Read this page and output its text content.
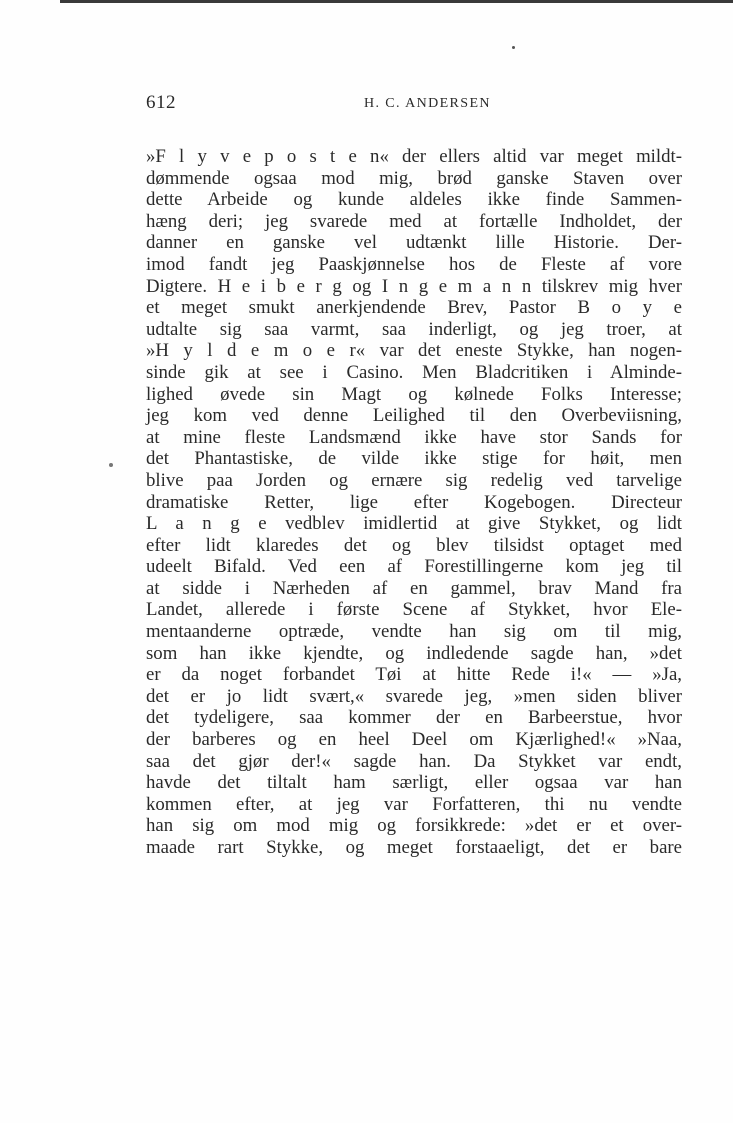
612	H. C. ANDERSEN
»F l y v e p o s t e n« der ellers altid var meget mildt-
dømmende ogsaa mod mig, brød ganske Staven over
dette Arbeide og kunde aldeles ikke finde Sammen-
hæng deri; jeg svarede med at fortælle Indholdet, der
danner en ganske vel udtænkt lille Historie. Der-
imod fandt jeg Paaskjønnelse hos de Fleste af vore
Digtere. H e i b e r g og I n g e m a n n tilskrev mig hver
et meget smukt anerkjendende Brev, Pastor B o y e
udtalte sig saa varmt, saa inderligt, og jeg troer, at
»H y l d e m o e r« var det eneste Stykke, han nogen-
sinde gik at see i Casino. Men Bladcritiken i Alminde-
lighed øvede sin Magt og kølnede Folks Interesse;
jeg kom ved denne Leilighed til den Overbeviisning,
at mine fleste Landsmænd ikke have stor Sands for
det Phantastiske, de vilde ikke stige for høit, men
blive paa Jorden og ernære sig redelig ved tarvelige
dramatiske Retter, lige efter Kogebogen. Directeur
L a n g e vedblev imidlertid at give Stykket, og lidt
efter lidt klaredes det og blev tilsidst optaget med
udeelt Bifald. Ved een af Forestillingerne kom jeg til
at sidde i Nærheden af en gammel, brav Mand fra
Landet, allerede i første Scene af Stykket, hvor Ele-
mentaanderne optræde, vendte han sig om til mig,
som han ikke kjendte, og indledende sagde han, »det
er da noget forbandet Tøi at hitte Rede i!« — »Ja,
det er jo lidt svært,« svarede jeg, »men siden bliver
det tydeligere, saa kommer der en Barbeerstue, hvor
der barberes og en heel Deel om Kjærlighed!« »Naa,
saa det gjør der!« sagde han. Da Stykket var endt,
havde det tiltalt ham særligt, eller ogsaa var han
kommen efter, at jeg var Forfatteren, thi nu vendte
han sig om mod mig og forsikkrede: »det er et over-
maade rart Stykke, og meget forstaaeligt, det er bare
